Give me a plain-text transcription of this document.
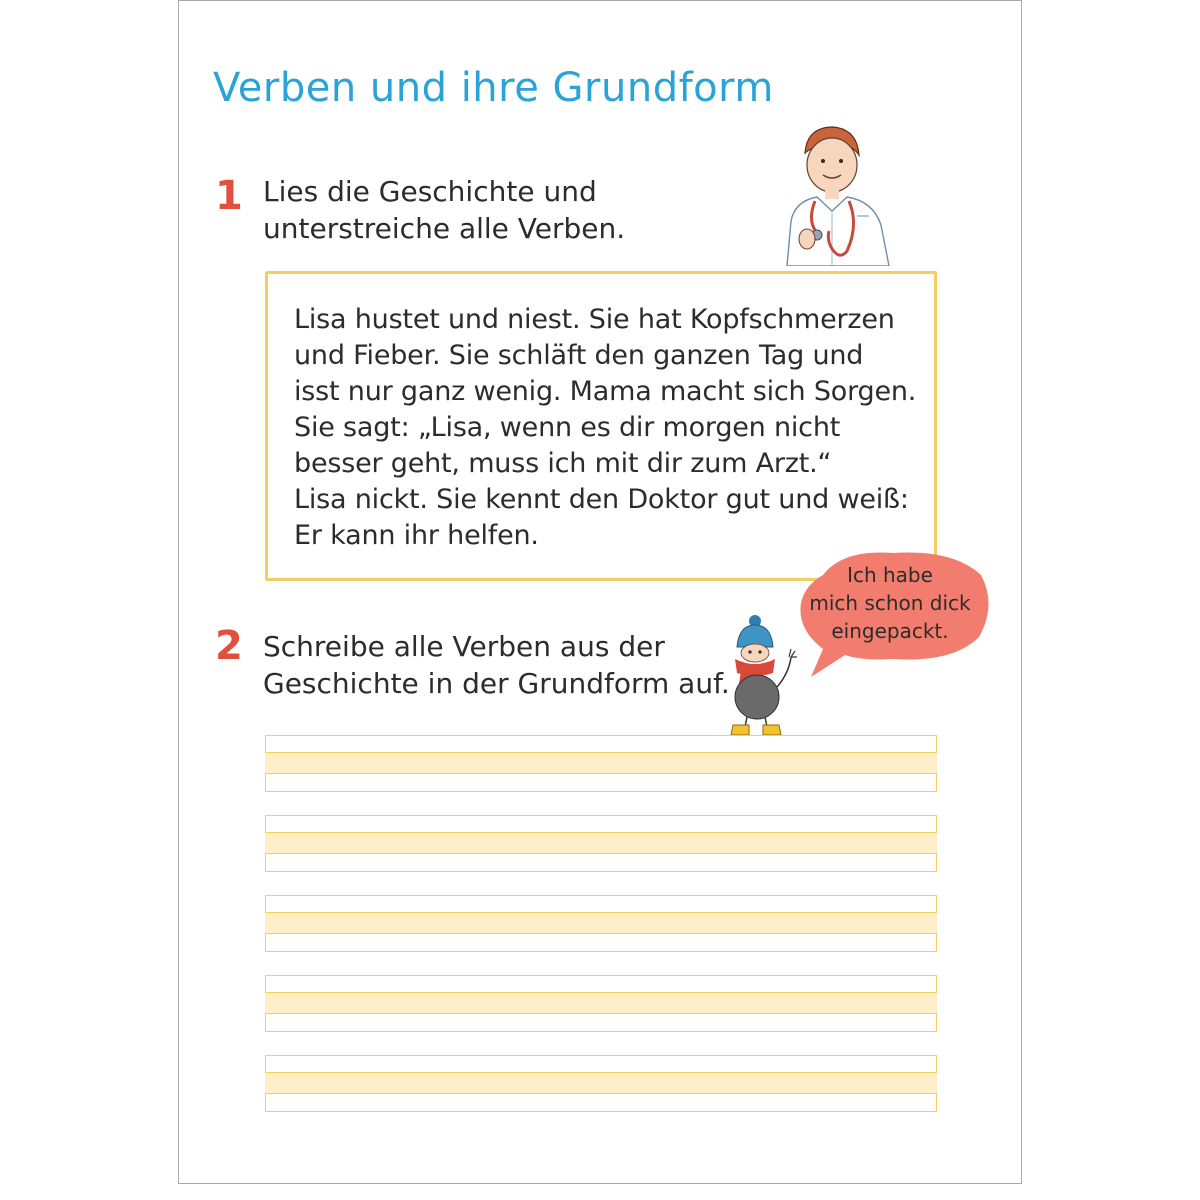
Verben und ihre Grundform
1 Lies die Geschichte und
unterstreiche alle Verben.
Lisa hustet und niest. Sie hat Kopfschmerzen
und Fieber. Sie schläft den ganzen Tag und
isst nur ganz wenig. Mama macht sich Sorgen.
Sie sagt: „Lisa, wenn es dir morgen nicht
besser geht, muss ich mit dir zum Arzt.“
Lisa nickt. Sie kennt den Doktor gut und weiß:
Er kann ihr helfen.
Ich habe
mich schon dick
eingepackt.
2 Schreibe alle Verben aus der
Geschichte in der Grundform auf.
